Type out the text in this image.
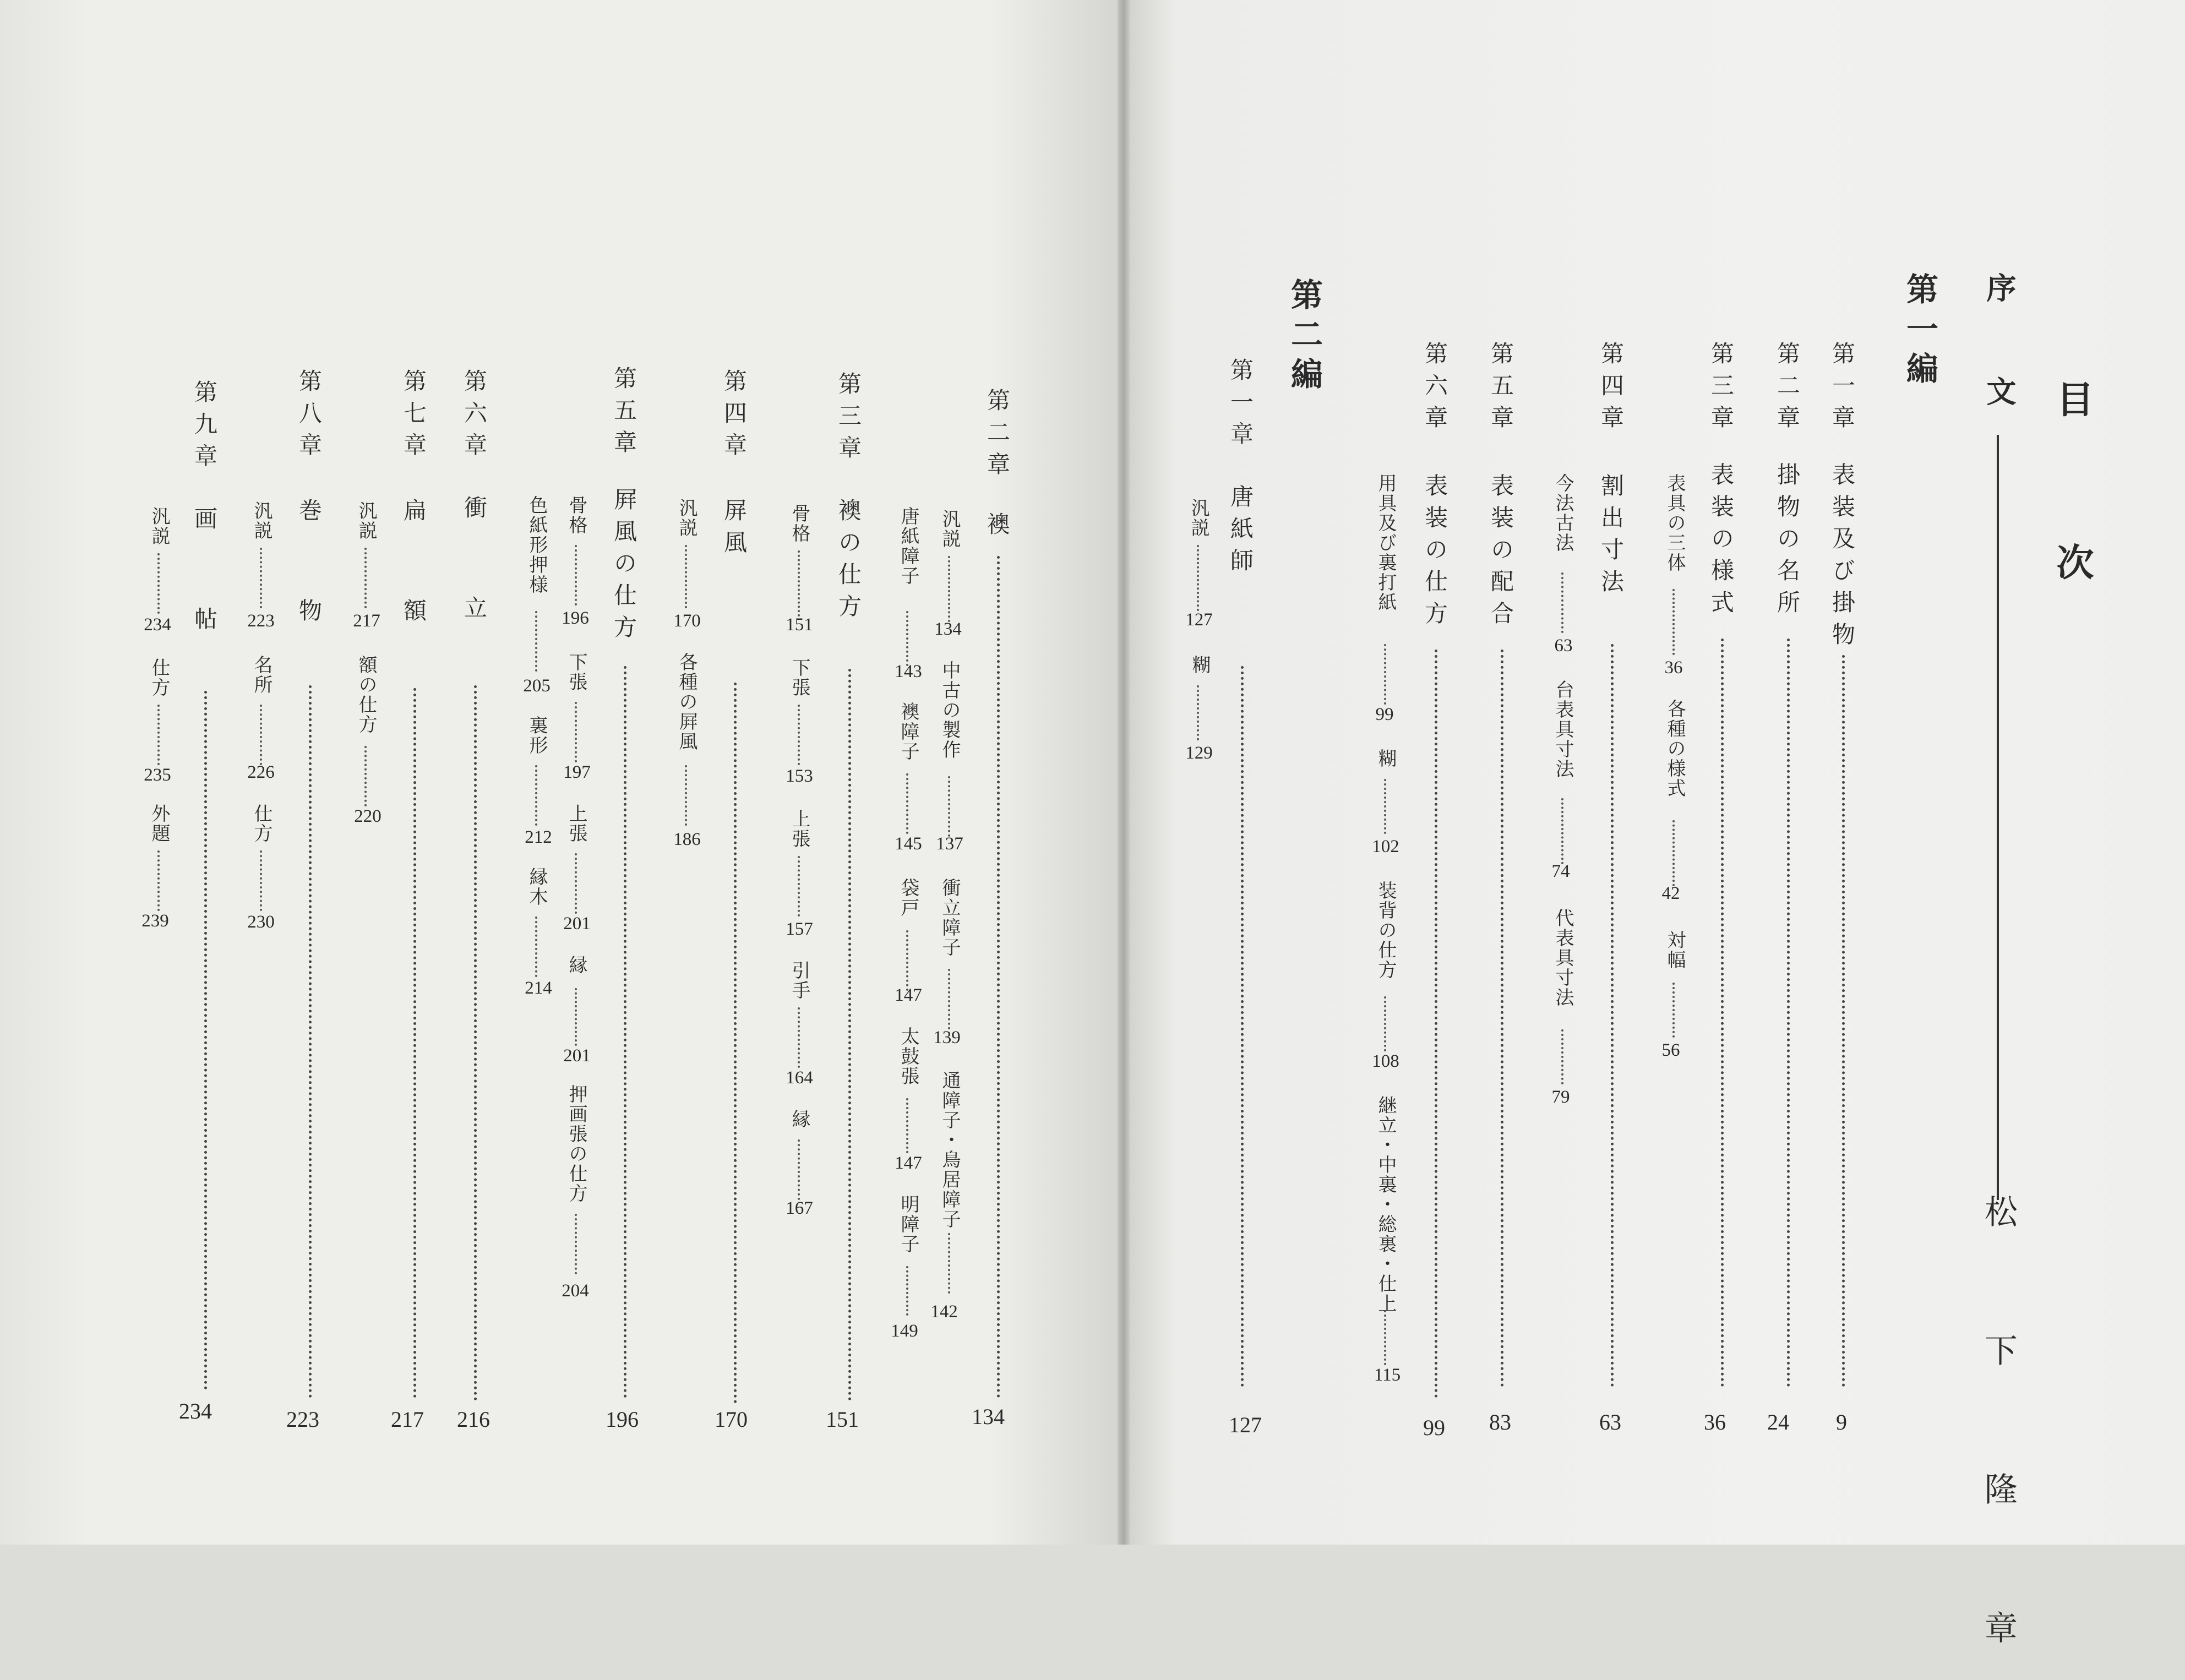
目　次
序　文
松　下　隆　章
第一編
第一章
表装及び掛物
9
第二章
掛物の名所
24
第三章
表装の様式
36
表具の三体
36
各種の様式
42
対幅
56
第四章
割出寸法
63
今法古法
63
台表具寸法
74
代表具寸法
79
第五章
表装の配合
83
第六章
表装の仕方
99
用具及び裏打紙
99
糊
102
装背の仕方
108
継立・中裏・総裏・仕上
115
第二編
第一章
唐紙師
127
汎説
127
糊
129
第二章
襖
134
汎説
134
中古の製作
137
衝立障子
139
通障子・鳥居障子
142
唐紙障子
143
襖障子
145
袋戸
147
太鼓張
147
明障子
149
第三章
襖の仕方
151
骨格
151
下張
153
上張
157
引手
164
縁
167
第四章
屏風
170
汎説
170
各種の屛風
186
第五章
屛風の仕方
196
骨格
196
下張
197
上張
201
縁
201
押画張の仕方
204
色紙形押様
205
裏形
212
縁木
214
第六章
衝立
216
第七章
扁額
217
汎説
217
額の仕方
220
第八章
巻物
223
汎説
223
名所
226
仕方
230
第九章
画帖
234
汎説
234
仕方
235
外題
239
